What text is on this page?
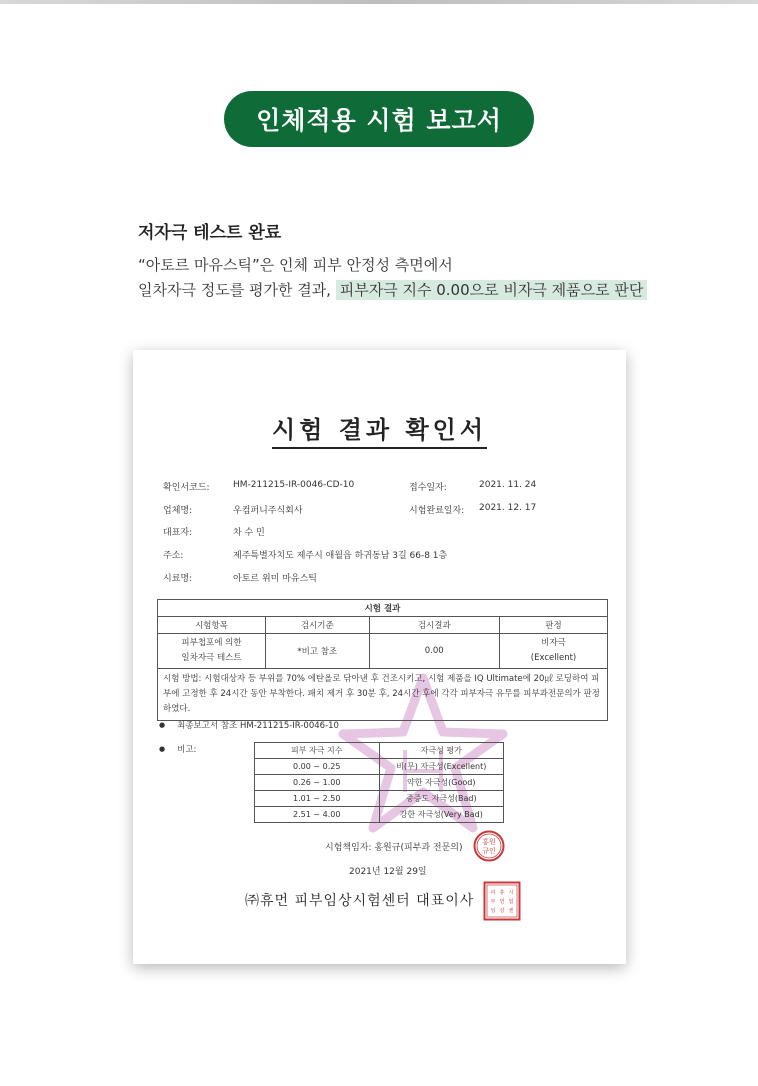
인체적용 시험 보고서
저자극 테스트 완료

“아토르 마유스틱”은 인체 피부 안정성 측면에서
일차자극 정도를 평가한 결과, 피부자극 지수 0.00으로 비자극 제품으로 판단

시험 결과 확인서
확인서코드:	HM-211215-IR-0046-CD-10	접수일자:	2021. 11. 24
업체명:	우컴퍼니주식회사	시험완료일자: 2021. 12. 17
대표자:	차 수 민
주소:	제주특별자치도 제주시 애월읍 하귀동남 3길 66-8 1층
시료명:	아토르 위미 마유스틱
시험 결과			
시험항목	검시기준	검시결과	판정
피부첩포에 의한
일차자극 테스트	*비고 참조	0.00	비자극
(Excellent)
시험 방법: 시험대상자 등 부위를 70% 에탄올로 닦아낸 후 건조시키고, 시험 제품을 IQ Ultimate에 20㎕ 로딩하여 피부에 고정한 후 24시간 동안 부착한다. 패치 제거 후 30분 후, 24시간 후에 각각 피부자극 유무를 피부과전문의가 판정하였다.			
● 최종보고서 참조 HM-211215-IR-0046-10
● 비고:	피부 자극 지수	자극성 평가
0.00 ~ 0.25	비(무) 자극성(Excellent)
0.26 ~ 1.00	약한 자극성(Good)
1.01 ~ 2.50	중증도 자극성(Bad)
2.51 ~ 4.00	강한 자극성(Very Bad)
시험책임자: 홍원규(피부과 전문의)
홍원
규인
2021년 12월 29일
㈜휴먼 피부임상시험센터 대표이사	피 휴 시
부 먼 험
임 상 센
